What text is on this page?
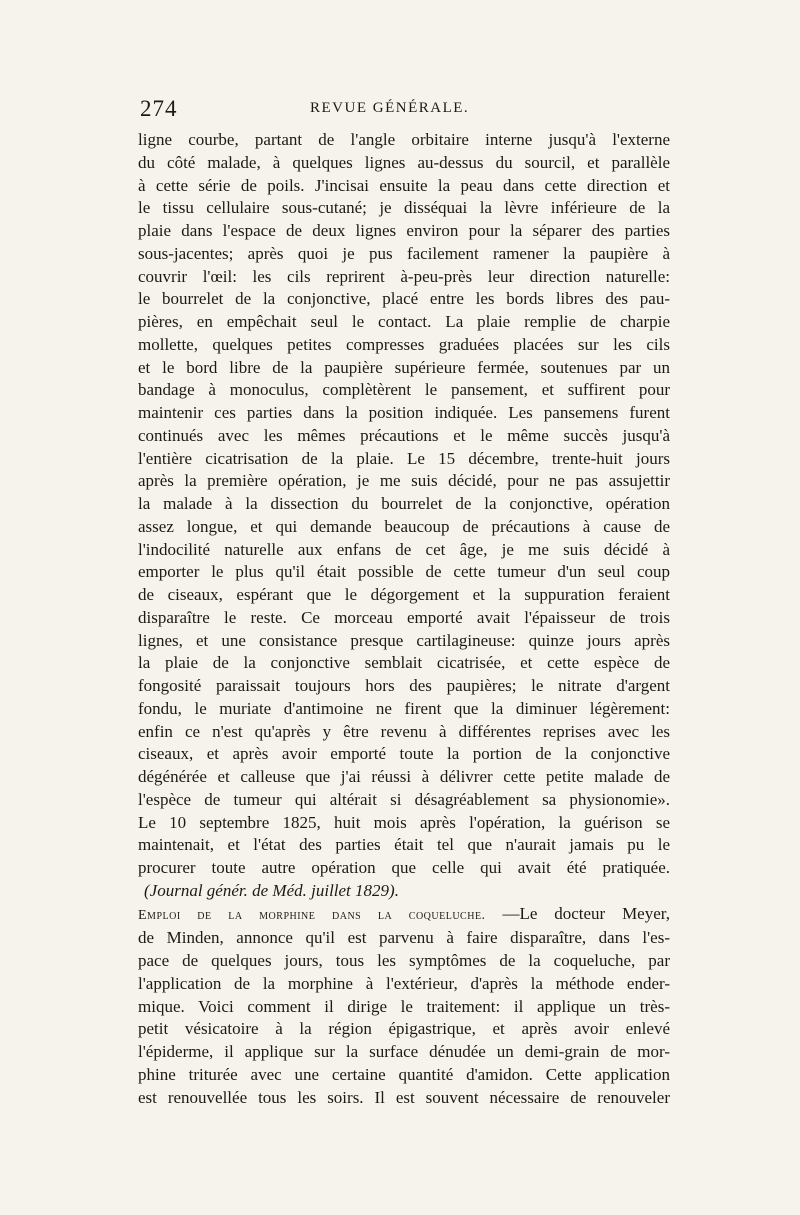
274	REVUE GÉNÉRALE.
ligne courbe, partant de l'angle orbitaire interne jusqu'à l'externe
du côté malade, à quelques lignes au-dessus du sourcil, et parallèle
à cette série de poils. J'incisai ensuite la peau dans cette direction et
le tissu cellulaire sous-cutané; je disséquai la lèvre inférieure de la
plaie dans l'espace de deux lignes environ pour la séparer des parties
sous-jacentes; après quoi je pus facilement ramener la paupière à
couvrir l'œil: les cils reprirent à-peu-près leur direction naturelle:
le bourrelet de la conjonctive, placé entre les bords libres des pau-
pières, en empêchait seul le contact. La plaie remplie de charpie
mollette, quelques petites compresses graduées placées sur les cils
et le bord libre de la paupière supérieure fermée, soutenues par un
bandage à monoculus, complètèrent le pansement, et suffirent pour
maintenir ces parties dans la position indiquée. Les pansemens furent
continués avec les mêmes précautions et le même succès jusqu'à
l'entière cicatrisation de la plaie. Le 15 décembre, trente-huit jours
après la première opération, je me suis décidé, pour ne pas assujettir
la malade à la dissection du bourrelet de la conjonctive, opération
assez longue, et qui demande beaucoup de précautions à cause de
l'indocilité naturelle aux enfans de cet âge, je me suis décidé à
emporter le plus qu'il était possible de cette tumeur d'un seul coup
de ciseaux, espérant que le dégorgement et la suppuration feraient
disparaître le reste. Ce morceau emporté avait l'épaisseur de trois
lignes, et une consistance presque cartilagineuse: quinze jours après
la plaie de la conjonctive semblait cicatrisée, et cette espèce de
fongosité paraissait toujours hors des paupières; le nitrate d'argent
fondu, le muriate d'antimoine ne firent que la diminuer légèrement:
enfin ce n'est qu'après y être revenu à différentes reprises avec les
ciseaux, et après avoir emporté toute la portion de la conjonctive
dégénérée et calleuse que j'ai réussi à délivrer cette petite malade de
l'espèce de tumeur qui altérait si désagréablement sa physionomie».
Le 10 septembre 1825, huit mois après l'opération, la guérison se
maintenait, et l'état des parties était tel que n'aurait jamais pu le
procurer toute autre opération que celle qui avait été pratiquée.
(Journal génér. de Méd. juillet 1829).
Emploi de la morphine dans la coqueluche. —Le docteur Meyer,
de Minden, annonce qu'il est parvenu à faire disparaître, dans l'es-
pace de quelques jours, tous les symptômes de la coqueluche, par
l'application de la morphine à l'extérieur, d'après la méthode ender-
mique. Voici comment il dirige le traitement: il applique un très-
petit vésicatoire à la région épigastrique, et après avoir enlevé
l'épiderme, il applique sur la surface dénudée un demi-grain de mor-
phine triturée avec une certaine quantité d'amidon. Cette application
est renouvellée tous les soirs. Il est souvent nécessaire de renouveler
